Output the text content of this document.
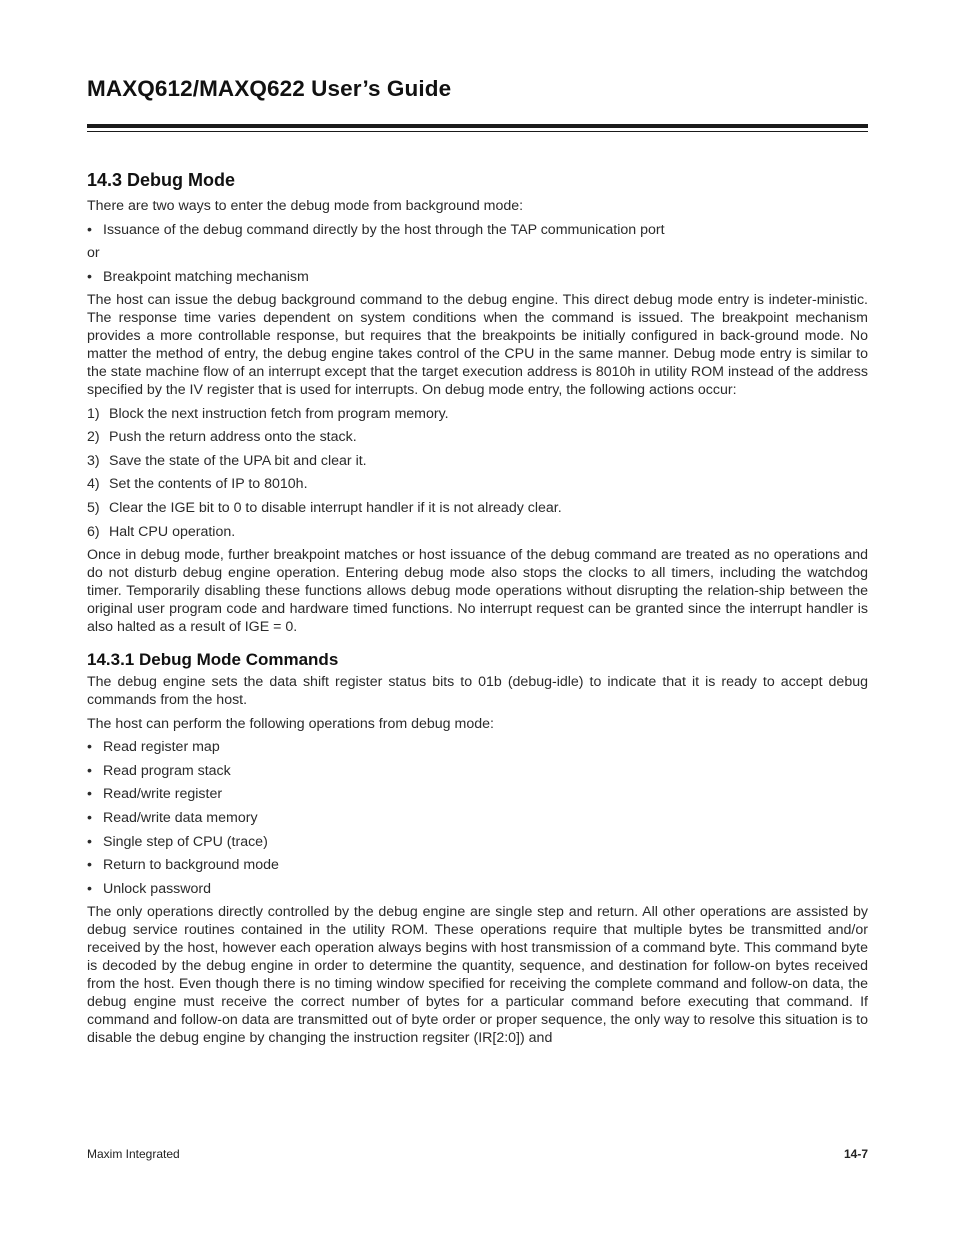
MAXQ612/MAXQ622 User’s Guide
14.3 Debug Mode

There are two ways to enter the debug mode from background mode:

• Issuance of the debug command directly by the host through the TAP communication port

or

• Breakpoint matching mechanism

The host can issue the debug background command to the debug engine. This direct debug mode entry is indeter-ministic. The response time varies dependent on system conditions when the command is issued. The breakpoint mechanism provides a more controllable response, but requires that the breakpoints be initially configured in back-ground mode. No matter the method of entry, the debug engine takes control of the CPU in the same manner. Debug mode entry is similar to the state machine flow of an interrupt except that the target execution address is 8010h in utility ROM instead of the address specified by the IV register that is used for interrupts. On debug mode entry, the following actions occur:

1) Block the next instruction fetch from program memory.
2) Push the return address onto the stack.
3) Save the state of the UPA bit and clear it.
4) Set the contents of IP to 8010h.
5) Clear the IGE bit to 0 to disable interrupt handler if it is not already clear.
6) Halt CPU operation.

Once in debug mode, further breakpoint matches or host issuance of the debug command are treated as no operations and do not disturb debug engine operation. Entering debug mode also stops the clocks to all timers, including the watchdog timer. Temporarily disabling these functions allows debug mode operations without disrupting the relation-ship between the original user program code and hardware timed functions. No interrupt request can be granted since the interrupt handler is also halted as a result of IGE = 0.

14.3.1 Debug Mode Commands

The debug engine sets the data shift register status bits to 01b (debug-idle) to indicate that it is ready to accept debug commands from the host.

The host can perform the following operations from debug mode:

• Read register map
• Read program stack
• Read/write register
• Read/write data memory
• Single step of CPU (trace)
• Return to background mode
• Unlock password

The only operations directly controlled by the debug engine are single step and return. All other operations are assisted by debug service routines contained in the utility ROM. These operations require that multiple bytes be transmitted and/or received by the host, however each operation always begins with host transmission of a command byte. This command byte is decoded by the debug engine in order to determine the quantity, sequence, and destination for follow-on bytes received from the host. Even though there is no timing window specified for receiving the complete command and follow-on data, the debug engine must receive the correct number of bytes for a particular command before executing that command. If command and follow-on data are transmitted out of byte order or proper sequence, the only way to resolve this situation is to disable the debug engine by changing the instruction regsiter (IR[2:0]) and

Maxim Integrated	14-7
